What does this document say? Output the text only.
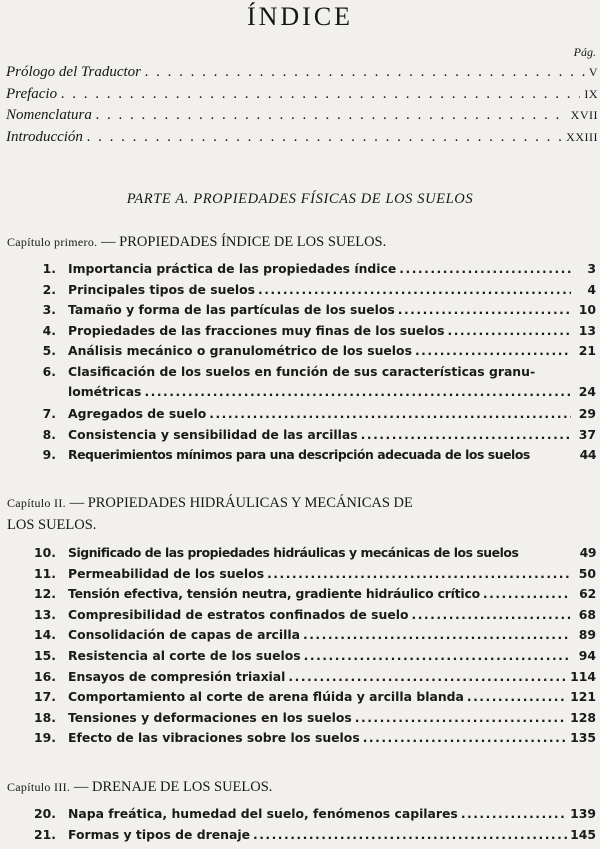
ÍNDICE
Pág.
Prólogo del Traductor . . .	V
Prefacio . . .	IX
Nomenclatura . . .	XVII
Introducción . . .	XXIII
PARTE A. PROPIEDADES FÍSICAS DE LOS SUELOS
Capítulo primero. — PROPIEDADES ÍNDICE DE LOS SUELOS.
1. Importancia práctica de las propiedades índice .....	3
2. Principales tipos de suelos .....	4
3. Tamaño y forma de las partículas de los suelos .....	10
4. Propiedades de las fracciones muy finas de los suelos .....	13
5. Análisis mecánico o granulométrico de los suelos .....	21
6. Clasificación de los suelos en función de sus características granu-
lométricas .....	24
7. Agregados de suelo .....	29
8. Consistencia y sensibilidad de las arcillas .....	37
9. Requerimientos mínimos para una descripción adecuada de los suelos	44
Capítulo II. — PROPIEDADES HIDRÁULICAS Y MECÁNICAS DE
LOS SUELOS.
10. Significado de las propiedades hidráulicas y mecánicas de los suelos	49
11. Permeabilidad de los suelos .....	50
12. Tensión efectiva, tensión neutra, gradiente hidráulico crítico .....	62
13. Compresibilidad de estratos confinados de suelo .....	68
14. Consolidación de capas de arcilla .....	89
15. Resistencia al corte de los suelos .....	94
16. Ensayos de compresión triaxial .....	114
17. Comportamiento al corte de arena flúida y arcilla blanda .....	121
18. Tensiones y deformaciones en los suelos .....	128
19. Efecto de las vibraciones sobre los suelos .....	135
Capítulo III. — DRENAJE DE LOS SUELOS.
20. Napa freática, humedad del suelo, fenómenos capilares .....	139
21. Formas y tipos de drenaje .....	145
